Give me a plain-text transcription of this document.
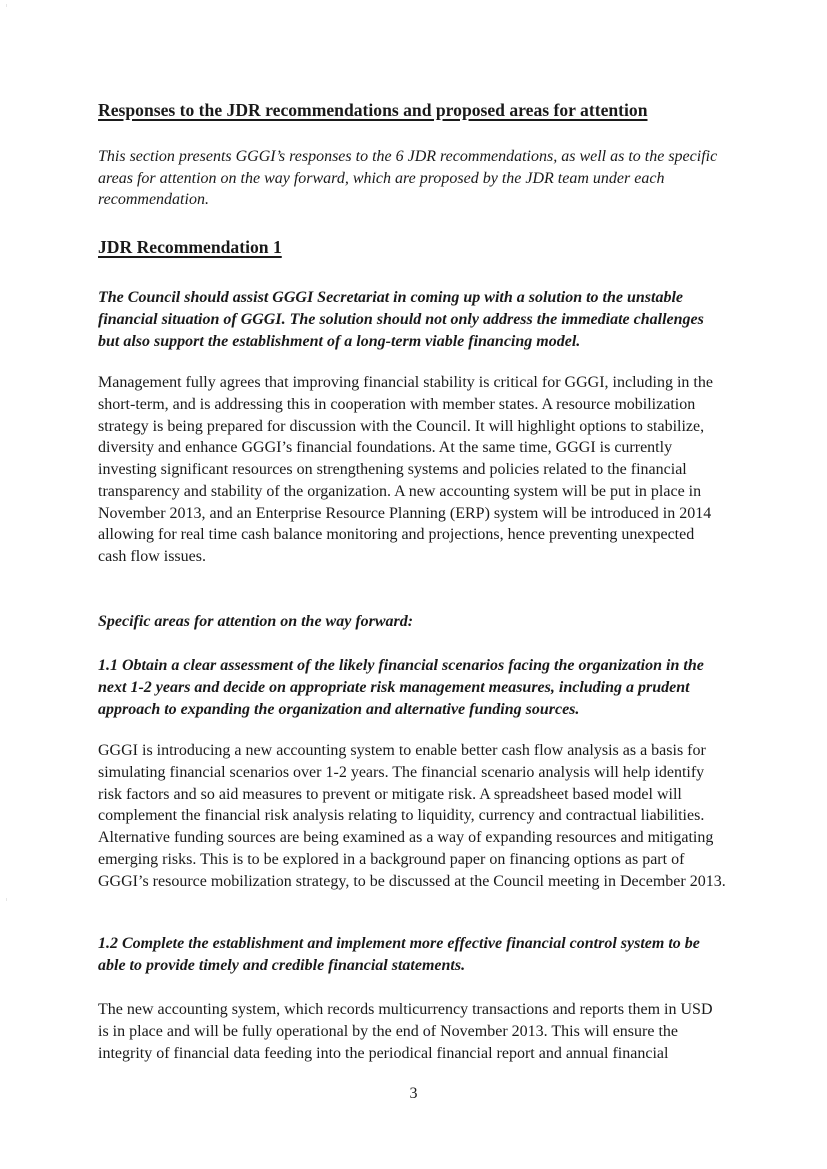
Responses to the JDR recommendations and proposed areas for attention

This section presents GGGI’s responses to the 6 JDR recommendations, as well as to the specific areas for attention on the way forward, which are proposed by the JDR team under each recommendation.

JDR Recommendation 1

The Council should assist GGGI Secretariat in coming up with a solution to the unstable financial situation of GGGI. The solution should not only address the immediate challenges but also support the establishment of a long-term viable financing model.

Management fully agrees that improving financial stability is critical for GGGI, including in the short-term, and is addressing this in cooperation with member states. A resource mobilization strategy is being prepared for discussion with the Council. It will highlight options to stabilize, diversity and enhance GGGI’s financial foundations. At the same time, GGGI is currently investing significant resources on strengthening systems and policies related to the financial transparency and stability of the organization. A new accounting system will be put in place in November 2013, and an Enterprise Resource Planning (ERP) system will be introduced in 2014 allowing for real time cash balance monitoring and projections, hence preventing unexpected cash flow issues.

Specific areas for attention on the way forward:

1.1 Obtain a clear assessment of the likely financial scenarios facing the organization in the next 1-2 years and decide on appropriate risk management measures, including a prudent approach to expanding the organization and alternative funding sources.

GGGI is introducing a new accounting system to enable better cash flow analysis as a basis for simulating financial scenarios over 1-2 years. The financial scenario analysis will help identify risk factors and so aid measures to prevent or mitigate risk. A spreadsheet based model will complement the financial risk analysis relating to liquidity, currency and contractual liabilities. Alternative funding sources are being examined as a way of expanding resources and mitigating emerging risks. This is to be explored in a background paper on financing options as part of GGGI’s resource mobilization strategy, to be discussed at the Council meeting in December 2013.

1.2 Complete the establishment and implement more effective financial control system to be able to provide timely and credible financial statements.

The new accounting system, which records multicurrency transactions and reports them in USD is in place and will be fully operational by the end of November 2013. This will ensure the integrity of financial data feeding into the periodical financial report and annual financial

3
